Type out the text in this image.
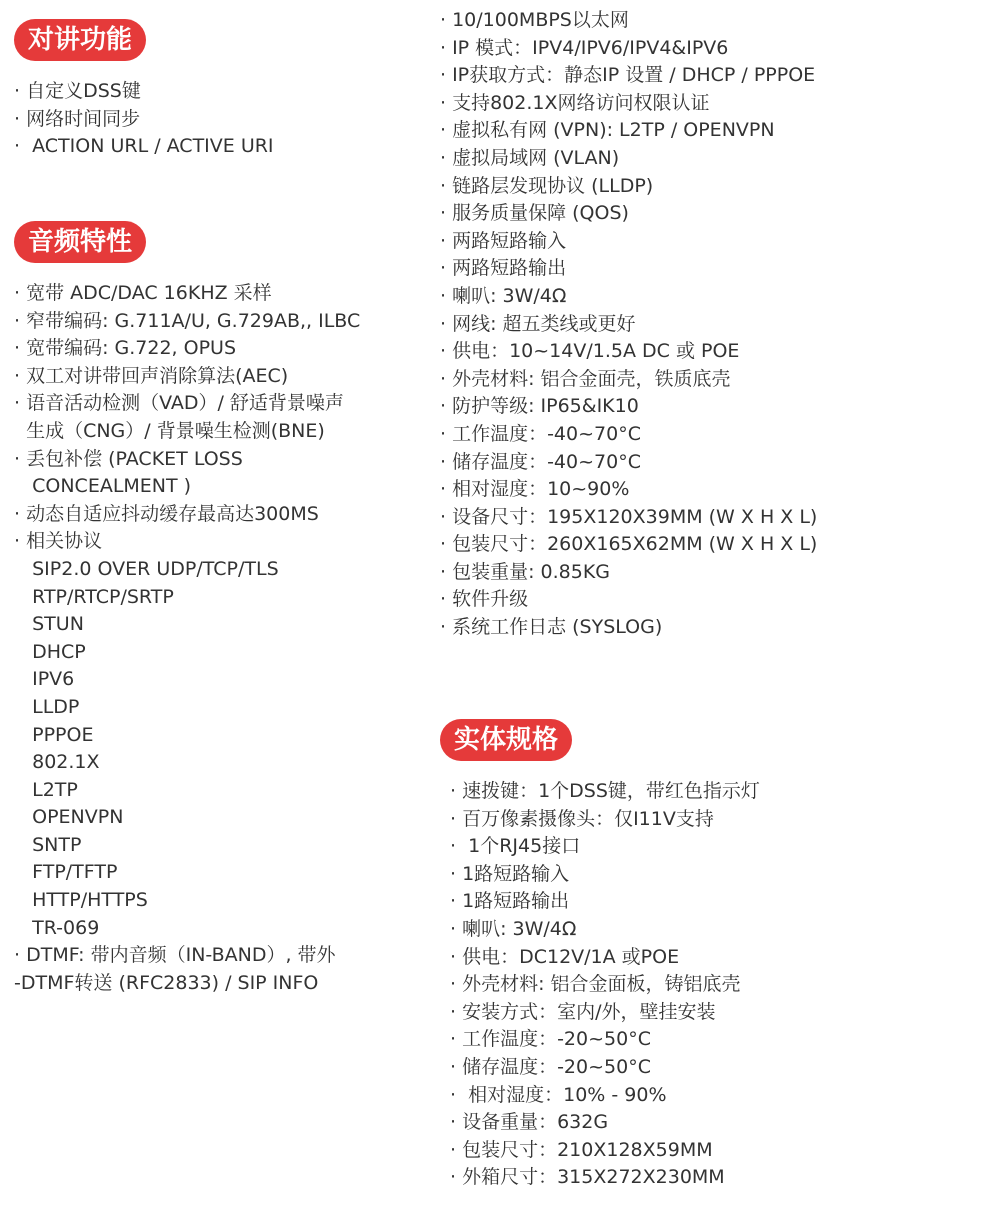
对讲功能
· 自定义DSS键
· 网络时间同步
·  ACTION URL / ACTIVE URI
音频特性
· 宽带 ADC/DAC 16KHZ 采样
· 窄带编码: G.711A/U, G.729AB,, ILBC
· 宽带编码: G.722, OPUS
· 双工对讲带回声消除算法(AEC)
· 语音活动检测（VAD）/ 舒适背景噪声
生成（CNG）/ 背景噪生检测(BNE)
· 丢包补偿 (PACKET LOSS
CONCEALMENT )
· 动态自适应抖动缓存最高达300MS
· 相关协议
SIP2.0 OVER UDP/TCP/TLS
RTP/RTCP/SRTP
STUN
DHCP
IPV6
LLDP
PPPOE
802.1X
L2TP
OPENVPN
SNTP
FTP/TFTP
HTTP/HTTPS
TR-069
· DTMF: 带内音频（IN-BAND）, 带外
-DTMF转送 (RFC2833) / SIP INFO
· 10/100MBPS以太网
· IP 模式：IPV4/IPV6/IPV4&IPV6
· IP获取方式：静态IP 设置 / DHCP / PPPOE
· 支持802.1X网络访问权限认证
· 虚拟私有网 (VPN): L2TP / OPENVPN
· 虚拟局域网 (VLAN)
· 链路层发现协议 (LLDP)
· 服务质量保障 (QOS)
· 两路短路输入
· 两路短路输出
· 喇叭: 3W/4Ω
· 网线: 超五类线或更好
· 供电：10~14V/1.5A DC 或 POE
· 外壳材料: 铝合金面壳，铁质底壳
· 防护等级: IP65&IK10
· 工作温度：-40~70°C
· 储存温度：-40~70°C
· 相对湿度：10~90%
· 设备尺寸：195X120X39MM (W X H X L)
· 包装尺寸：260X165X62MM (W X H X L)
· 包装重量: 0.85KG
· 软件升级
· 系统工作日志 (SYSLOG)
实体规格
· 速拨键：1个DSS键，带红色指示灯
· 百万像素摄像头：仅I11V支持
·  1个RJ45接口
· 1路短路输入
· 1路短路输出
· 喇叭: 3W/4Ω
· 供电：DC12V/1A 或POE
· 外壳材料: 铝合金面板，铸铝底壳
· 安装方式：室内/外，壁挂安装
· 工作温度：-20~50°C
· 储存温度：-20~50°C
·  相对湿度：10% - 90%
· 设备重量：632G
· 包装尺寸：210X128X59MM
· 外箱尺寸：315X272X230MM
